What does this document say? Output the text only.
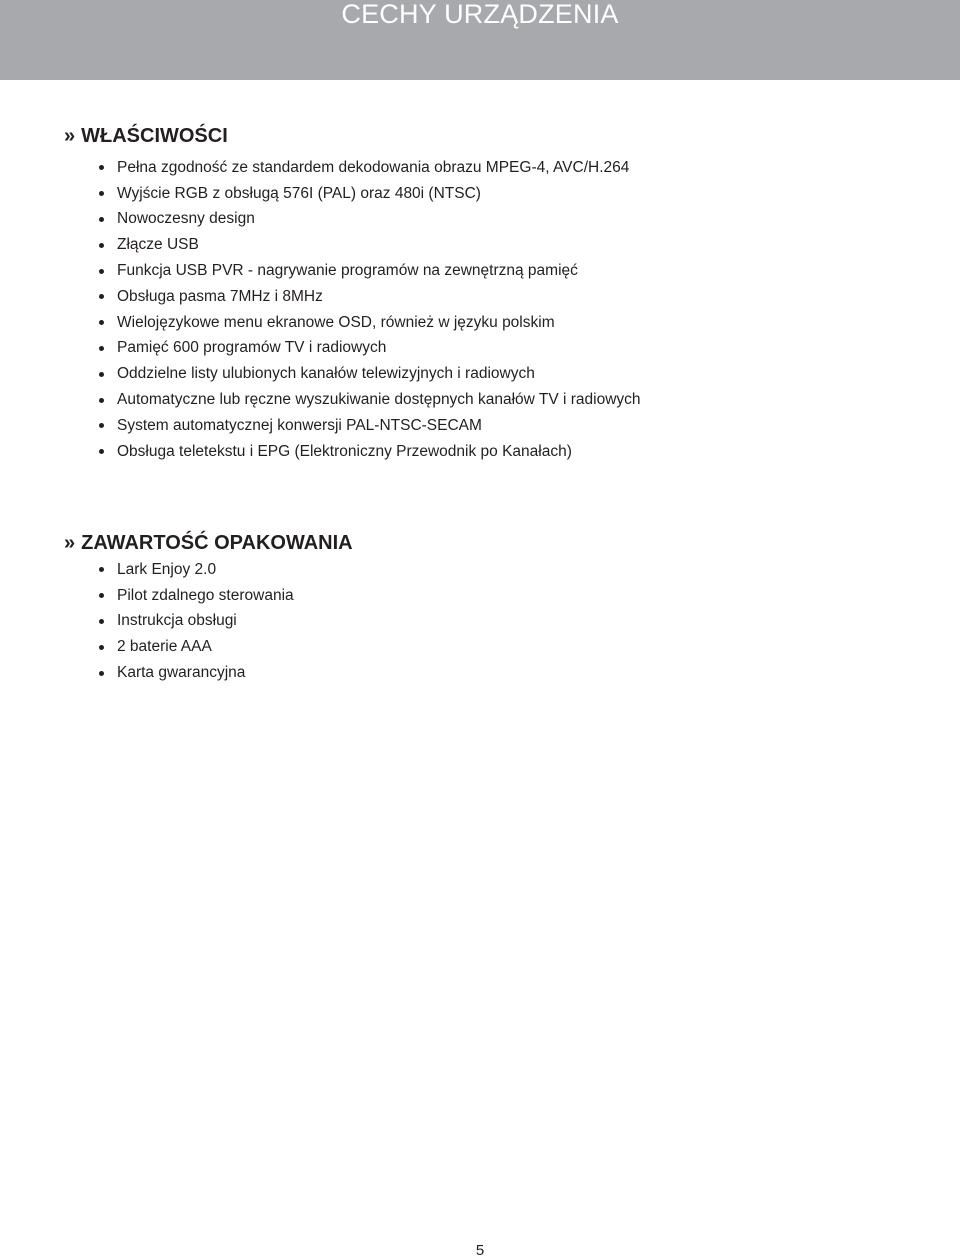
CECHY URZĄDZENIA
» WŁAŚCIWOŚCI
Pełna zgodność ze standardem dekodowania obrazu MPEG-4, AVC/H.264
Wyjście RGB z obsługą 576I (PAL) oraz 480i (NTSC)
Nowoczesny design
Złącze USB
Funkcja USB PVR - nagrywanie programów na zewnętrzną pamięć
Obsługa pasma 7MHz i 8MHz
Wielojęzykowe menu ekranowe OSD, również w języku polskim
Pamięć 600 programów TV i radiowych
Oddzielne listy ulubionych kanałów telewizyjnych i radiowych
Automatyczne lub ręczne wyszukiwanie dostępnych kanałów TV i radiowych
System automatycznej konwersji PAL-NTSC-SECAM
Obsługa teletekstu i EPG (Elektroniczny Przewodnik po Kanałach)
» ZAWARTOŚĆ OPAKOWANIA
Lark Enjoy 2.0
Pilot zdalnego sterowania
Instrukcja obsługi
2 baterie AAA
Karta gwarancyjna
5
